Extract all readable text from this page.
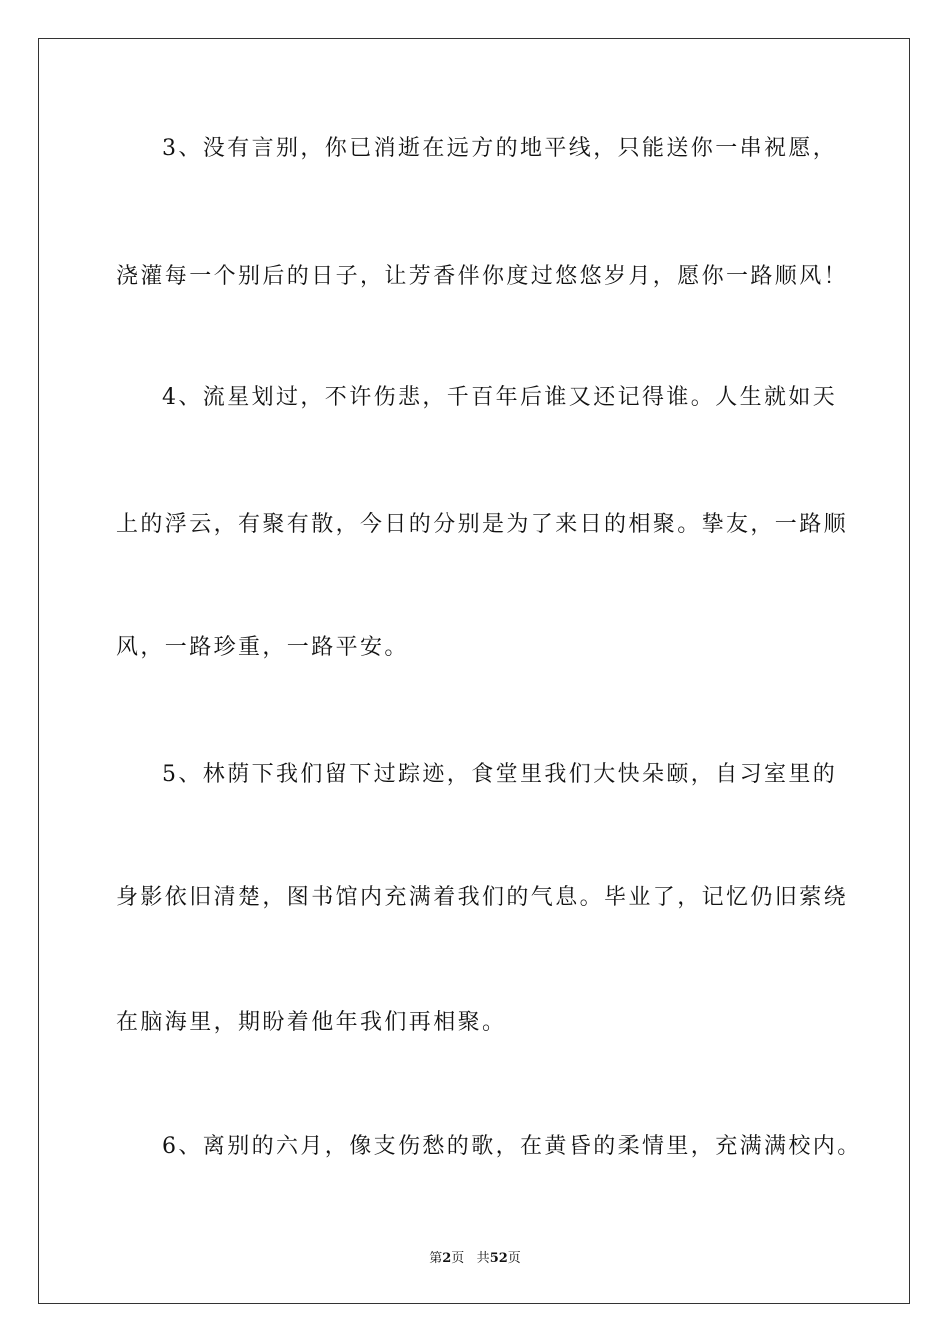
3、没有言别，你已消逝在远方的地平线，只能送你一串祝愿，
浇灌每一个别后的日子，让芳香伴你度过悠悠岁月，愿你一路顺风！
4、流星划过，不许伤悲，千百年后谁又还记得谁。人生就如天
上的浮云，有聚有散，今日的分别是为了来日的相聚。挚友，一路顺
风，一路珍重，一路平安。
5、林荫下我们留下过踪迹，食堂里我们大快朵颐，自习室里的
身影依旧清楚，图书馆内充满着我们的气息。毕业了，记忆仍旧萦绕
在脑海里，期盼着他年我们再相聚。
6、离别的六月，像支伤愁的歌，在黄昏的柔情里，充满满校内。
第2页 共52页
